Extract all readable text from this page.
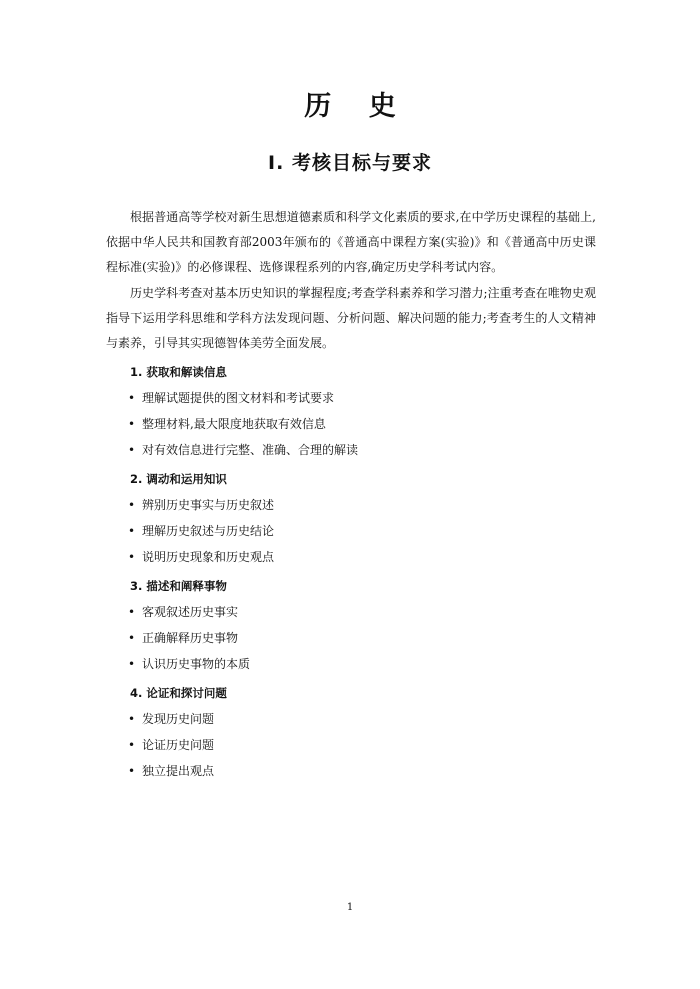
历 史
Ⅰ. 考核目标与要求

根据普通高等学校对新生思想道德素质和科学文化素质的要求,在中学历史课程的基础上,依据中华人民共和国教育部2003年颁布的《普通高中课程方案(实验)》和《普通高中历史课程标准(实验)》的必修课程、选修课程系列的内容,确定历史学科考试内容。

历史学科考查对基本历史知识的掌握程度;考查学科素养和学习潜力;注重考查在唯物史观指导下运用学科思维和学科方法发现问题、分析问题、解决问题的能力;考查考生的人文精神与素养，引导其实现德智体美劳全面发展。

1. 获取和解读信息
• 理解试题提供的图文材料和考试要求
• 整理材料,最大限度地获取有效信息
• 对有效信息进行完整、准确、合理的解读
2. 调动和运用知识
• 辨别历史事实与历史叙述
• 理解历史叙述与历史结论
• 说明历史现象和历史观点
3. 描述和阐释事物
• 客观叙述历史事实
• 正确解释历史事物
• 认识历史事物的本质
4. 论证和探讨问题
• 发现历史问题
• 论证历史问题
• 独立提出观点
1
